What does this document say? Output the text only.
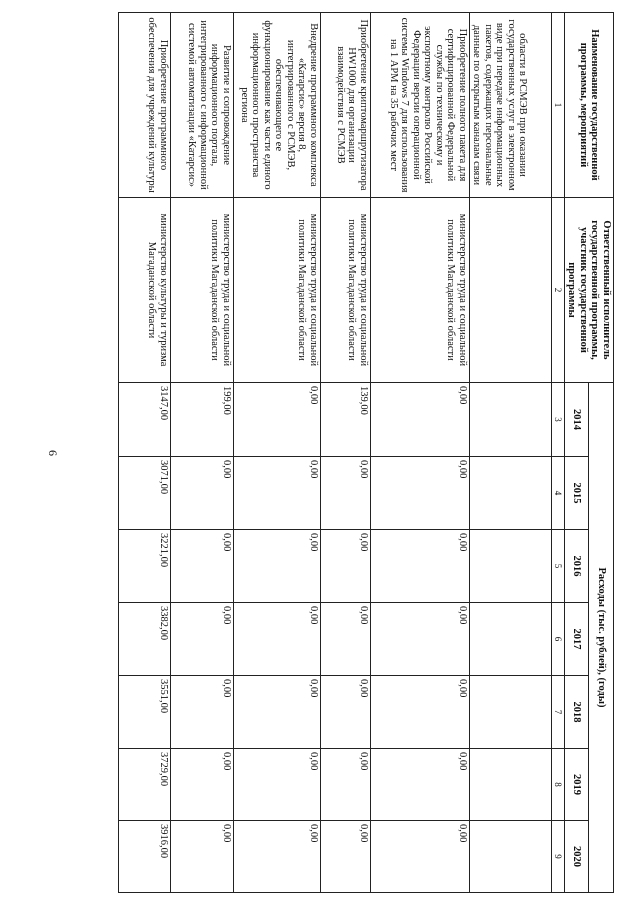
6
Наименование государственной программы, мероприятий	Ответственный исполнитель государственной программы, участник государственной программы	Расходы (тыс. рублей), (годы)						
		2014	2015	2016	2017	2018	2019	2020
1	2	3	4	5	6	7	8	9
области в РСМЭВ при оказании государственных услуг в электронном виде при передаче информационных пакетов, содержащих персональные данные по открытым каналам связи								
Приобретение полного пакета для сертифицированной Федеральной службы по техническому и экспортному контролю Российской Федерации версии операционной системы Windows 7 для использования на 1 АРМ на 35 рабочих мест	министерство труда и социальной политики Магаданской области	0,00	0,00	0,00	0,00	0,00	0,00	0,00
Приобретение криптомаршрутизатора HW1000 для организации взаимодействия с РСМЭВ	министерство труда и социальной политики Магаданской области	139,00	0,00	0,00	0,00	0,00	0,00	0,00
Внедрение программного комплекса «Катарсис» версия 8, интегрированного с РСМЭВ, обеспечивающего ее функционирование как части единого информационного пространства региона	министерство труда и социальной политики Магаданской области	0,00	0,00	0,00	0,00	0,00	0,00	0,00
Развитие и сопровождение информационного портала, интегрированного с информационной системой автоматизации «Катарсис»	министерство труда и социальной политики Магаданской области	199,00	0,00	0,00	0,00	0,00	0,00	0,00
Приобретение программного обеспечения для учреждений культуры	министерство культуры и туризма Магаданской области	3147,00	3071,00	3221,00	3382,00	3551,00	3729,00	3916,00
